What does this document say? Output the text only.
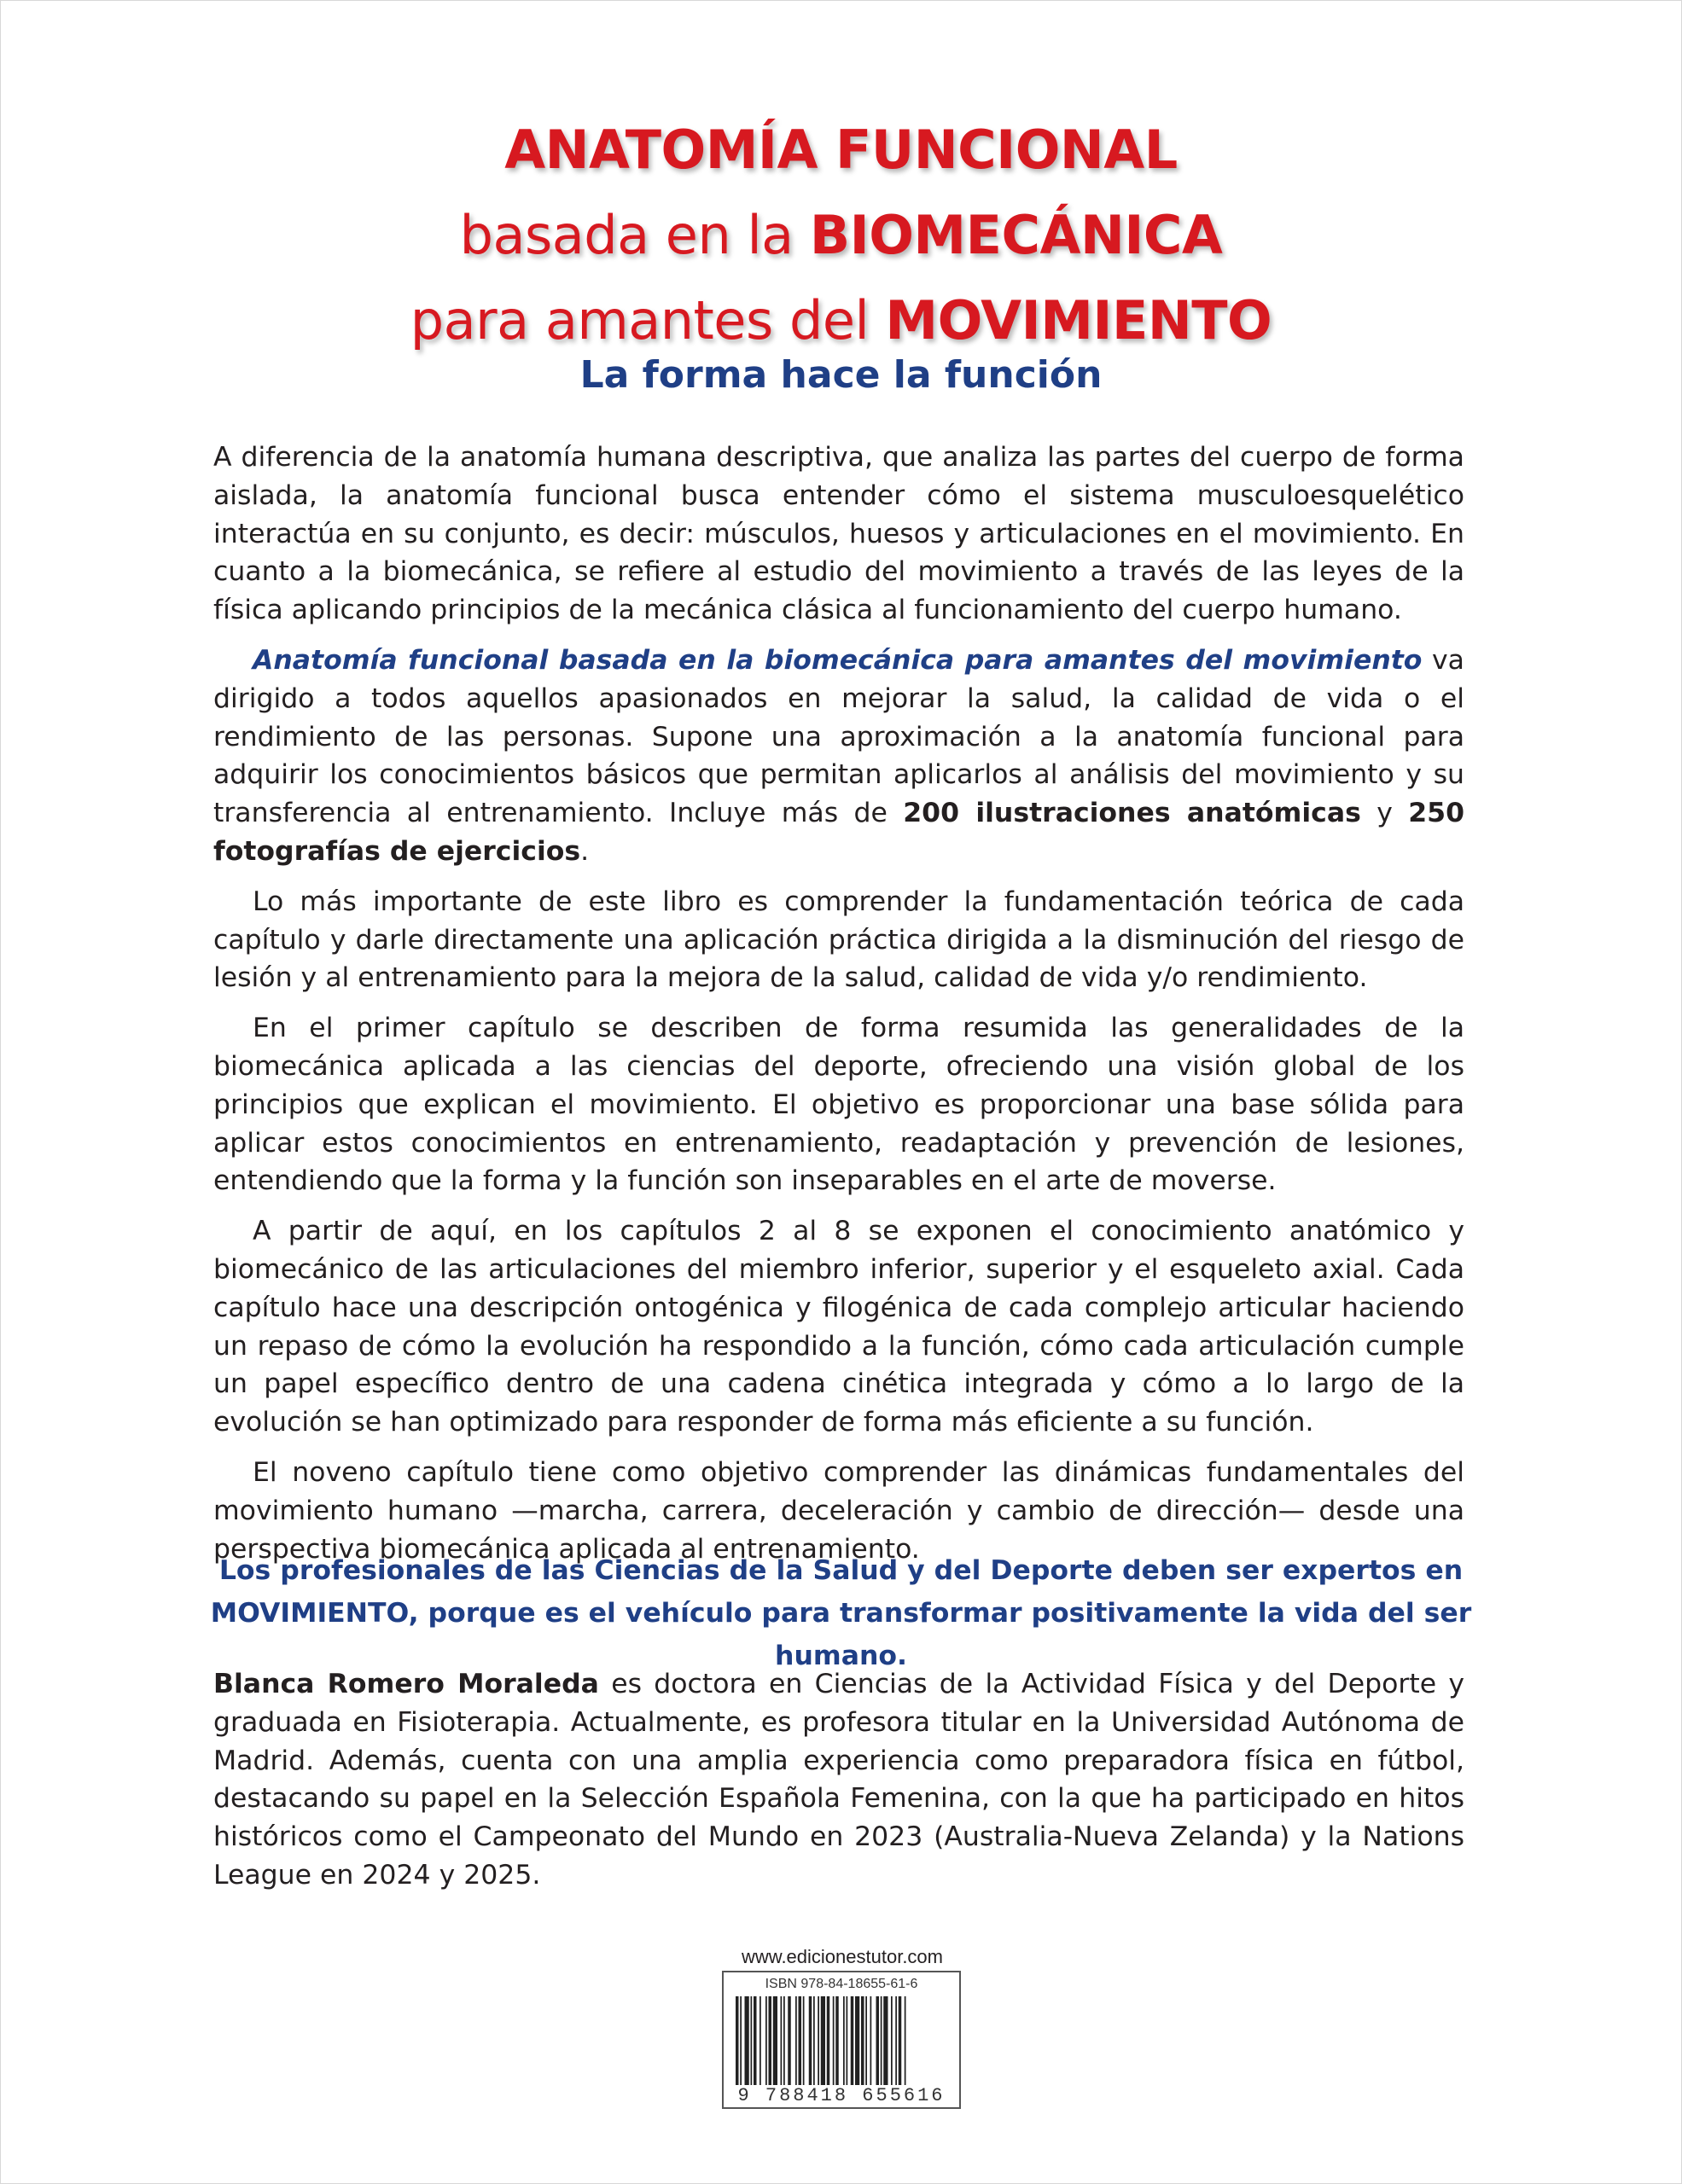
ANATOMÍA FUNCIONAL
basada en la BIOMECÁNICA
para amantes del MOVIMIENTO
La forma hace la función

A diferencia de la anatomía humana descriptiva, que analiza las partes del cuerpo de forma aislada, la anatomía funcional busca entender cómo el sistema musculoesquelético interactúa en su conjunto, es decir: músculos, huesos y articulaciones en el movimiento. En cuanto a la biomecánica, se refiere al estudio del movimiento a través de las leyes de la física aplicando principios de la mecánica clásica al funcionamiento del cuerpo humano.

Anatomía funcional basada en la biomecánica para amantes del movimiento va dirigido a todos aquellos apasionados en mejorar la salud, la calidad de vida o el rendimiento de las personas. Supone una aproximación a la anatomía funcional para adquirir los conocimientos básicos que permitan aplicarlos al análisis del movimiento y su transferencia al entrenamiento. Incluye más de 200 ilustraciones anatómicas y 250 fotografías de ejercicios.

Lo más importante de este libro es comprender la fundamentación teórica de cada capítulo y darle directamente una aplicación práctica dirigida a la disminución del riesgo de lesión y al entrenamiento para la mejora de la salud, calidad de vida y/o rendimiento.

En el primer capítulo se describen de forma resumida las generalidades de la biomecánica aplicada a las ciencias del deporte, ofreciendo una visión global de los principios que explican el movimiento. El objetivo es proporcionar una base sólida para aplicar estos conocimientos en entrenamiento, readaptación y prevención de lesiones, entendiendo que la forma y la función son inseparables en el arte de moverse.

A partir de aquí, en los capítulos 2 al 8 se exponen el conocimiento anatómico y biomecánico de las articulaciones del miembro inferior, superior y el esqueleto axial. Cada capítulo hace una descripción ontogénica y filogénica de cada complejo articular haciendo un repaso de cómo la evolución ha respondido a la función, cómo cada articulación cumple un papel específico dentro de una cadena cinética integrada y cómo a lo largo de la evolución se han optimizado para responder de forma más eficiente a su función.

El noveno capítulo tiene como objetivo comprender las dinámicas fundamentales del movimiento humano —marcha, carrera, deceleración y cambio de dirección— desde una perspectiva biomecánica aplicada al entrenamiento.

Los profesionales de las Ciencias de la Salud y del Deporte deben ser expertos en
MOVIMIENTO, porque es el vehículo para transformar positivamente la vida del ser humano.
Blanca Romero Moraleda es doctora en Ciencias de la Actividad Física y del Deporte y graduada en Fisioterapia. Actualmente, es profesora titular en la Universidad Autónoma de Madrid. Además, cuenta con una amplia experiencia como preparadora física en fútbol, destacando su papel en la Selección Española Femenina, con la que ha participado en hitos históricos como el Campeonato del Mundo en 2023 (Australia-Nueva Zelanda) y la Nations League en 2024 y 2025.
www.edicionestutor.com
ISBN 978-84-18655-61-6
9 788418 655616
